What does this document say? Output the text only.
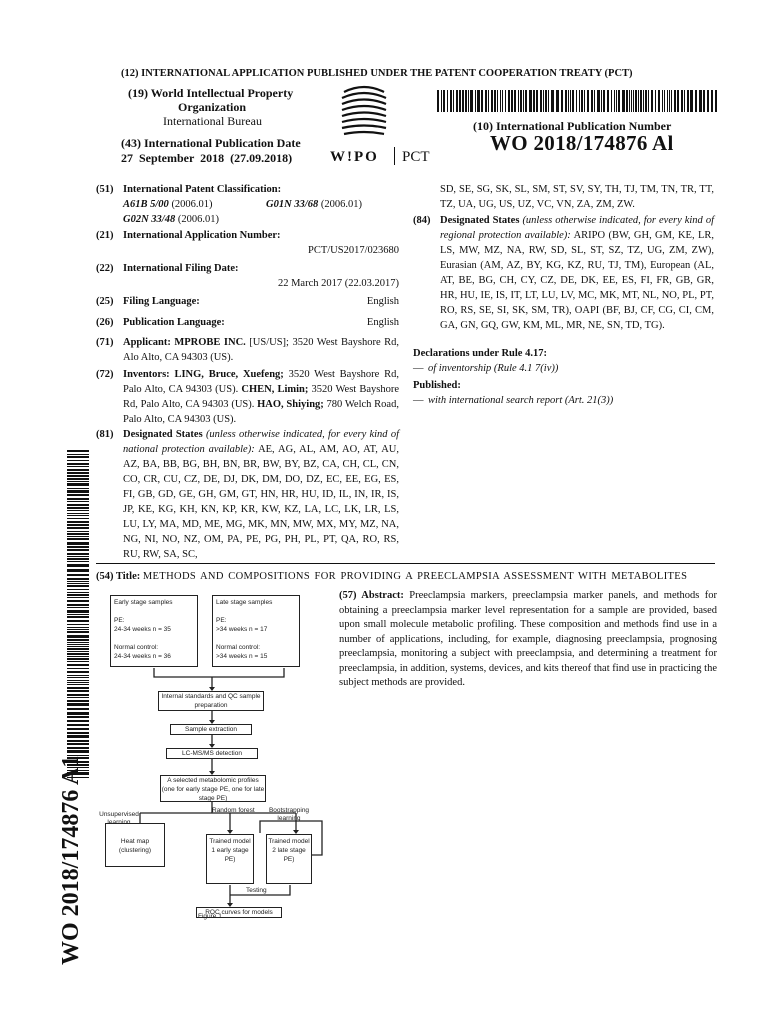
(12) INTERNATIONAL APPLICATION PUBLISHED UNDER THE PATENT COOPERATION TREATY (PCT)
(19) World Intellectual Property
Organization
International Bureau
(43) International Publication Date
27 September 2018 (27.09.2018)	W!PO PCT
(10) International Publication Number
WO 2018/174876 Al
WO 2018/174876 A1
(51) International Patent Classification:
A61B 5/00 (2006.01)	G01N 33/68 (2006.01)
G02N 33/48 (2006.01)
(21) International Application Number:
PCT/US2017/023680
(22) International Filing Date:
22 March 2017 (22.03.2017)
(25) Filing Language:	English
(26) Publication Language:	English
(71) Applicant: MPROBE INC. [US/US]; 3520 West Bayshore Rd, Alo Alto, CA 94303 (US).
(72) Inventors: LING, Bruce, Xuefeng; 3520 West Bayshore Rd, Palo Alto, CA 94303 (US). CHEN, Limin; 3520 West Bayshore Rd, Palo Alto, CA 94303 (US). HAO, Shiying; 780 Welch Road, Palo Alto, CA 94303 (US).
(81) Designated States (unless otherwise indicated, for every kind of national protection available): AE, AG, AL, AM, AO, AT, AU, AZ, BA, BB, BG, BH, BN, BR, BW, BY, BZ, CA, CH, CL, CN, CO, CR, CU, CZ, DE, DJ, DK, DM, DO, DZ, EC, EE, EG, ES, FI, GB, GD, GE, GH, GM, GT, HN, HR, HU, ID, IL, IN, IR, IS, JP, KE, KG, KH, KN, KP, KR, KW, KZ, LA, LC, LK, LR, LS, LU, LY, MA, MD, ME, MG, MK, MN, MW, MX, MY, MZ, NA, NG, NI, NO, NZ, OM, PA, PE, PG, PH, PL, PT, QA, RO, RS, RU, RW, SA, SC,
SD, SE, SG, SK, SL, SM, ST, SV, SY, TH, TJ, TM, TN, TR, TT, TZ, UA, UG, US, UZ, VC, VN, ZA, ZM, ZW.
(84) Designated States (unless otherwise indicated, for every kind of regional protection available): ARIPO (BW, GH, GM, KE, LR, LS, MW, MZ, NA, RW, SD, SL, ST, SZ, TZ, UG, ZM, ZW), Eurasian (AM, AZ, BY, KG, KZ, RU, TJ, TM), European (AL, AT, BE, BG, CH, CY, CZ, DE, DK, EE, ES, FI, FR, GB, GR, HR, HU, IE, IS, IT, LT, LU, LV, MC, MK, MT, NL, NO, PL, PT, RO, RS, SE, SI, SK, SM, TR), OAPI (BF, BJ, CF, CG, CI, CM, GA, GN, GQ, GW, KM, ML, MR, NE, SN, TD, TG).
Declarations under Rule 4.17:
— of inventorship (Rule 4.1 7(iv))
Published:
— with international search report (Art. 21(3))
(54) Title: METHODS AND COMPOSITIONS FOR PROVIDING A PREECLAMPSIA ASSESSMENT WITH METABOLITES
(57) Abstract: Preeclampsia markers, preeclampsia marker panels, and methods for obtaining a preeclampsia marker level representation for a sample are provided, based upon small molecule metabolic profiling. These composition and methods find use in a number of applications, including, for example, diagnosing preeclampsia, prognosing preeclampsia, monitoring a subject with preeclampsia, and determining a treatment for preeclampsia, in addition, systems, devices, and kits thereof that find use in practicing the subject methods are provided.
Early stage samples
PE:
24-34 weeks n = 35
Normal control:
24-34 weeks n = 36
Late stage samples
PE:
>34 weeks n = 17
Normal control:
>34 weeks n = 15
Internal standards and QC sample preparation
Sample extraction
LC-MS/MS detection
A selected metabolomic profiles (one for early stage PE, one for late stage PE)
Unsupervised
Random forest	Bootstrapping learning
Heat map (clustering)
Trained model 1 early stage PE)
Trained model 2 late stage PE)
Testing
ROC curves for models
Figure 1
